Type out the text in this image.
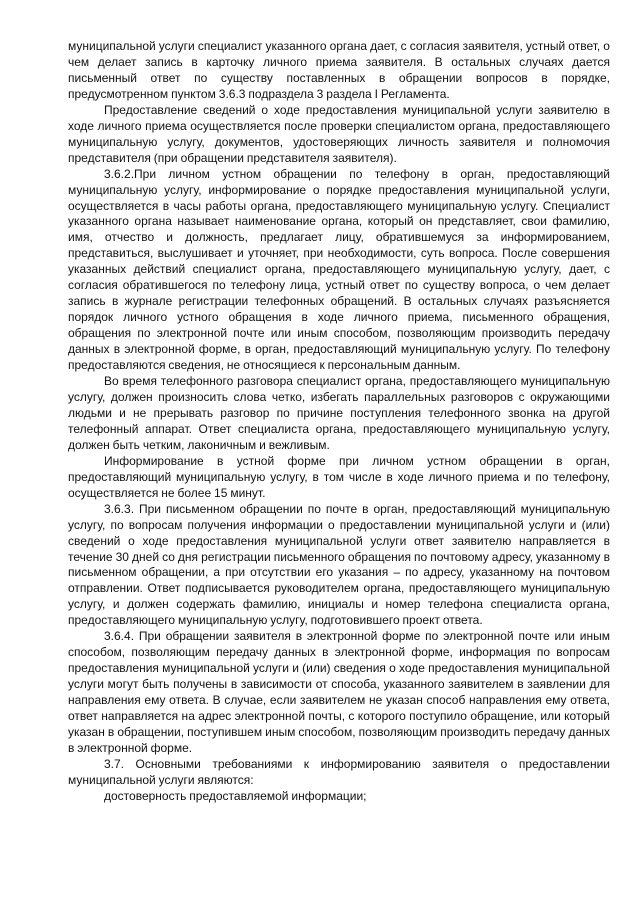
муниципальной услуги специалист указанного органа дает, с согласия заявителя, устный ответ, о чем делает запись в карточку личного приема заявителя. В остальных случаях дается письменный ответ по существу поставленных в обращении вопросов в порядке, предусмотренном пунктом 3.6.3 подраздела 3 раздела I Регламента.

Предоставление сведений о ходе предоставления муниципальной услуги заявителю в ходе личного приема осуществляется после проверки специалистом органа, предоставляющего муниципальную услугу, документов, удостоверяющих личность заявителя и полномочия представителя (при обращении представителя заявителя).

3.6.2.При личном устном обращении по телефону в орган, предоставляющий муниципальную услугу, информирование о порядке предоставления муниципальной услуги, осуществляется в часы работы органа, предоставляющего муниципальную услугу. Специалист указанного органа называет наименование органа, который он представляет, свои фамилию, имя, отчество и должность, предлагает лицу, обратившемуся за информированием, представиться, выслушивает и уточняет, при необходимости, суть вопроса. После совершения указанных действий специалист органа, предоставляющего муниципальную услугу, дает, с согласия обратившегося по телефону лица, устный ответ по существу вопроса, о чем делает запись в журнале регистрации телефонных обращений. В остальных случаях разъясняется порядок личного устного обращения в ходе личного приема, письменного обращения, обращения по электронной почте или иным способом, позволяющим производить передачу данных в электронной форме, в орган, предоставляющий муниципальную услугу. По телефону предоставляются сведения, не относящиеся к персональным данным.

Во время телефонного разговора специалист органа, предоставляющего муниципальную услугу, должен произносить слова четко, избегать параллельных разговоров с окружающими людьми и не прерывать разговор по причине поступления телефонного звонка на другой телефонный аппарат. Ответ специалиста органа, предоставляющего муниципальную услугу, должен быть четким, лаконичным и вежливым.

Информирование в устной форме при личном устном обращении в орган, предоставляющий муниципальную услугу, в том числе в ходе личного приема и по телефону, осуществляется не более 15 минут.

3.6.3. При письменном обращении по почте в орган, предоставляющий муниципальную услугу, по вопросам получения информации о предоставлении муниципальной услуги и (или) сведений о ходе предоставления муниципальной услуги ответ заявителю направляется в течение 30 дней со дня регистрации письменного обращения по почтовому адресу, указанному в письменном обращении, а при отсутствии его указания – по адресу, указанному на почтовом отправлении. Ответ подписывается руководителем органа, предоставляющего муниципальную услугу, и должен содержать фамилию, инициалы и номер телефона специалиста органа, предоставляющего муниципальную услугу, подготовившего проект ответа.

3.6.4. При обращении заявителя в электронной форме по электронной почте или иным способом, позволяющим передачу данных в электронной форме, информация по вопросам предоставления муниципальной услуги и (или) сведения о ходе предоставления муниципальной услуги могут быть получены в зависимости от способа, указанного заявителем в заявлении для направления ему ответа. В случае, если заявителем не указан способ направления ему ответа, ответ направляется на адрес электронной почты, с которого поступило обращение, или который указан в обращении, поступившем иным способом, позволяющим производить передачу данных в электронной форме.

3.7. Основными требованиями к информированию заявителя о предоставлении муниципальной услуги являются:

достоверность предоставляемой информации;
